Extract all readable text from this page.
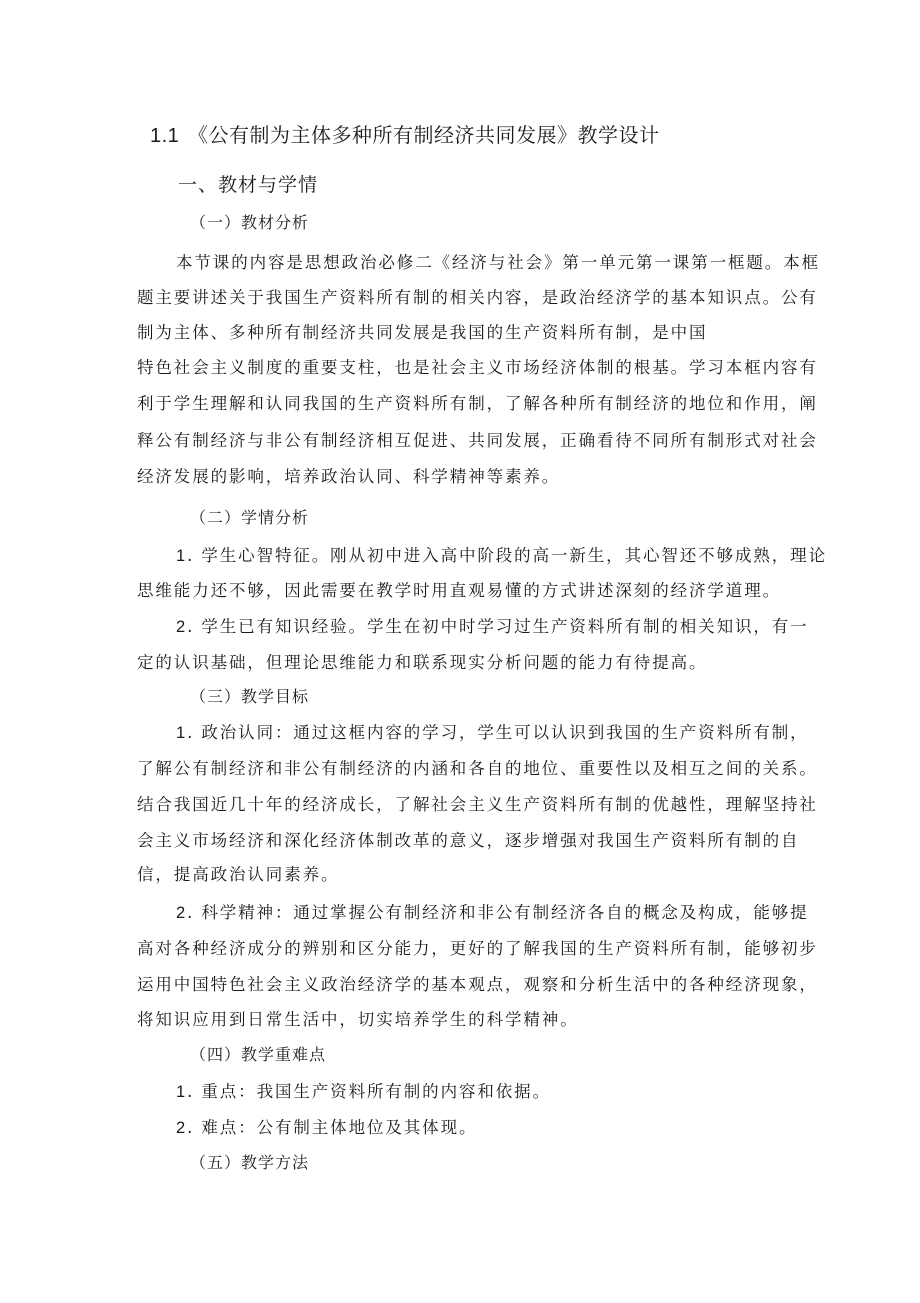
1.1 《公有制为主体多种所有制经济共同发展》教学设计
一、教材与学情
（一）教材分析
本节课的内容是思想政治必修二《经济与社会》第一单元第一课第一框题。本框
题主要讲述关于我国生产资料所有制的相关内容，是政治经济学的基本知识点。公有
制为主体、多种所有制经济共同发展是我国的生产资料所有制，是中国
特色社会主义制度的重要支柱，也是社会主义市场经济体制的根基。学习本框内容有
利于学生理解和认同我国的生产资料所有制，了解各种所有制经济的地位和作用，阐
释公有制经济与非公有制经济相互促进、共同发展，正确看待不同所有制形式对社会
经济发展的影响，培养政治认同、科学精神等素养。
（二）学情分析
1. 学生心智特征。刚从初中进入高中阶段的高一新生，其心智还不够成熟，理论
思维能力还不够，因此需要在教学时用直观易懂的方式讲述深刻的经济学道理。
2. 学生已有知识经验。学生在初中时学习过生产资料所有制的相关知识，有一
定的认识基础，但理论思维能力和联系现实分析问题的能力有待提高。
（三）教学目标
1. 政治认同：通过这框内容的学习，学生可以认识到我国的生产资料所有制，
了解公有制经济和非公有制经济的内涵和各自的地位、重要性以及相互之间的关系。
结合我国近几十年的经济成长，了解社会主义生产资料所有制的优越性，理解坚持社
会主义市场经济和深化经济体制改革的意义，逐步增强对我国生产资料所有制的自
信，提高政治认同素养。
2. 科学精神：通过掌握公有制经济和非公有制经济各自的概念及构成，能够提
高对各种经济成分的辨别和区分能力，更好的了解我国的生产资料所有制，能够初步
运用中国特色社会主义政治经济学的基本观点，观察和分析生活中的各种经济现象，
将知识应用到日常生活中，切实培养学生的科学精神。
（四）教学重难点
1. 重点：我国生产资料所有制的内容和依据。
2. 难点：公有制主体地位及其体现。
（五）教学方法
